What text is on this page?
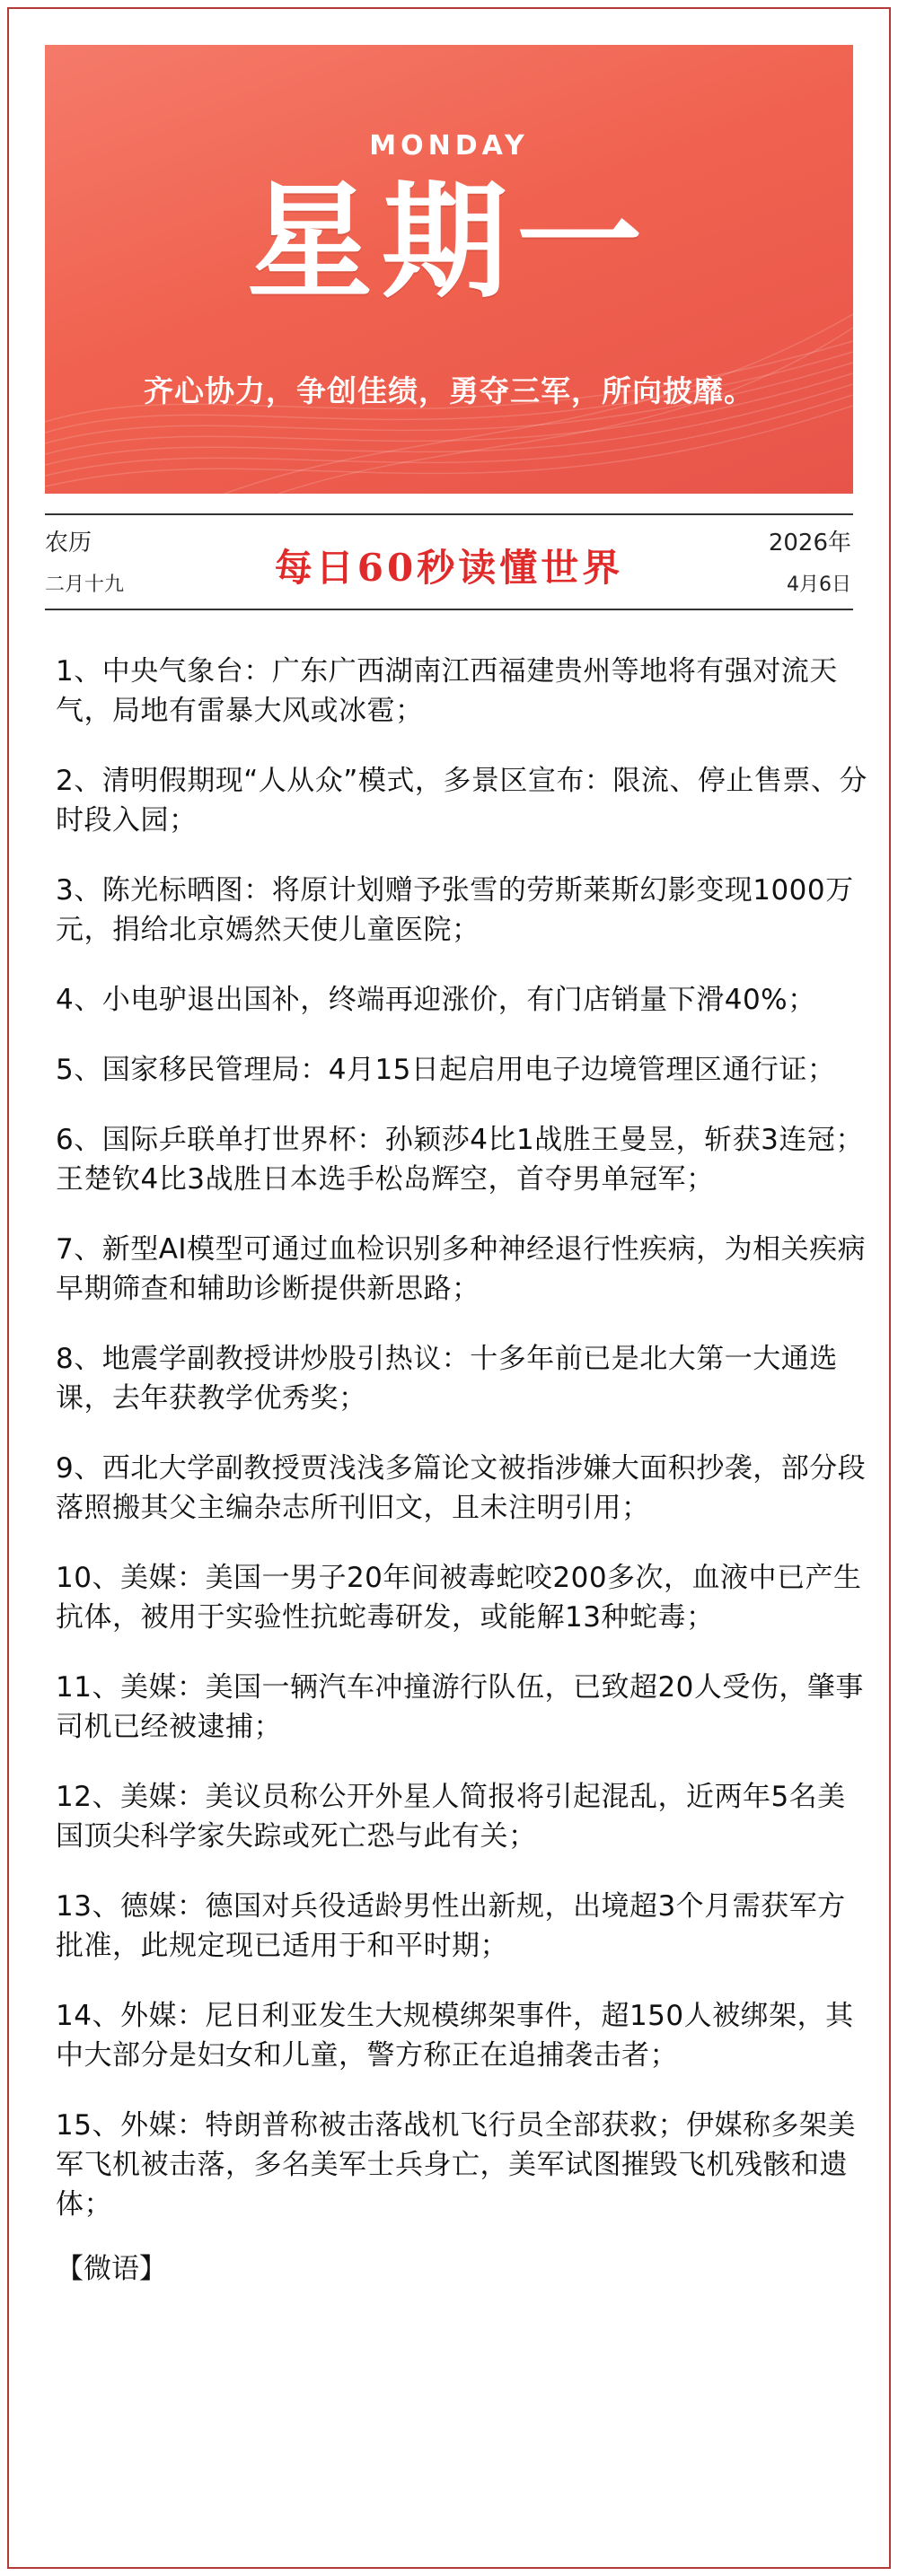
MONDAY
星期一
齐心协力，争创佳绩，勇夺三军，所向披靡。
农历
二月十九	每日60秒读懂世界
2026年
4月6日

1、中央气象台：广东广西湖南江西福建贵州等地将有强对流天气，局地有雷暴大风或冰雹；

2、清明假期现“人从众”模式，多景区宣布：限流、停止售票、分时段入园；

3、陈光标晒图：将原计划赠予张雪的劳斯莱斯幻影变现1000万元，捐给北京嫣然天使儿童医院；

4、小电驴退出国补，终端再迎涨价，有门店销量下滑40%；

5、国家移民管理局：4月15日起启用电子边境管理区通行证；

6、国际乒联单打世界杯：孙颖莎4比1战胜王曼昱，斩获3连冠；王楚钦4比3战胜日本选手松岛辉空，首夺男单冠军；

7、新型AI模型可通过血检识别多种神经退行性疾病，为相关疾病早期筛查和辅助诊断提供新思路；

8、地震学副教授讲炒股引热议：十多年前已是北大第一大通选课，去年获教学优秀奖；

9、西北大学副教授贾浅浅多篇论文被指涉嫌大面积抄袭，部分段落照搬其父主编杂志所刊旧文，且未注明引用；

10、美媒：美国一男子20年间被毒蛇咬200多次，血液中已产生抗体，被用于实验性抗蛇毒研发，或能解13种蛇毒；

11、美媒：美国一辆汽车冲撞游行队伍，已致超20人受伤，肇事司机已经被逮捕；

12、美媒：美议员称公开外星人简报将引起混乱，近两年5名美国顶尖科学家失踪或死亡恐与此有关；

13、德媒：德国对兵役适龄男性出新规，出境超3个月需获军方批准，此规定现已适用于和平时期；

14、外媒：尼日利亚发生大规模绑架事件，超150人被绑架，其中大部分是妇女和儿童，警方称正在追捕袭击者；

15、外媒：特朗普称被击落战机飞行员全部获救；伊媒称多架美军飞机被击落，多名美军士兵身亡，美军试图摧毁飞机残骸和遗体；

【微语】
